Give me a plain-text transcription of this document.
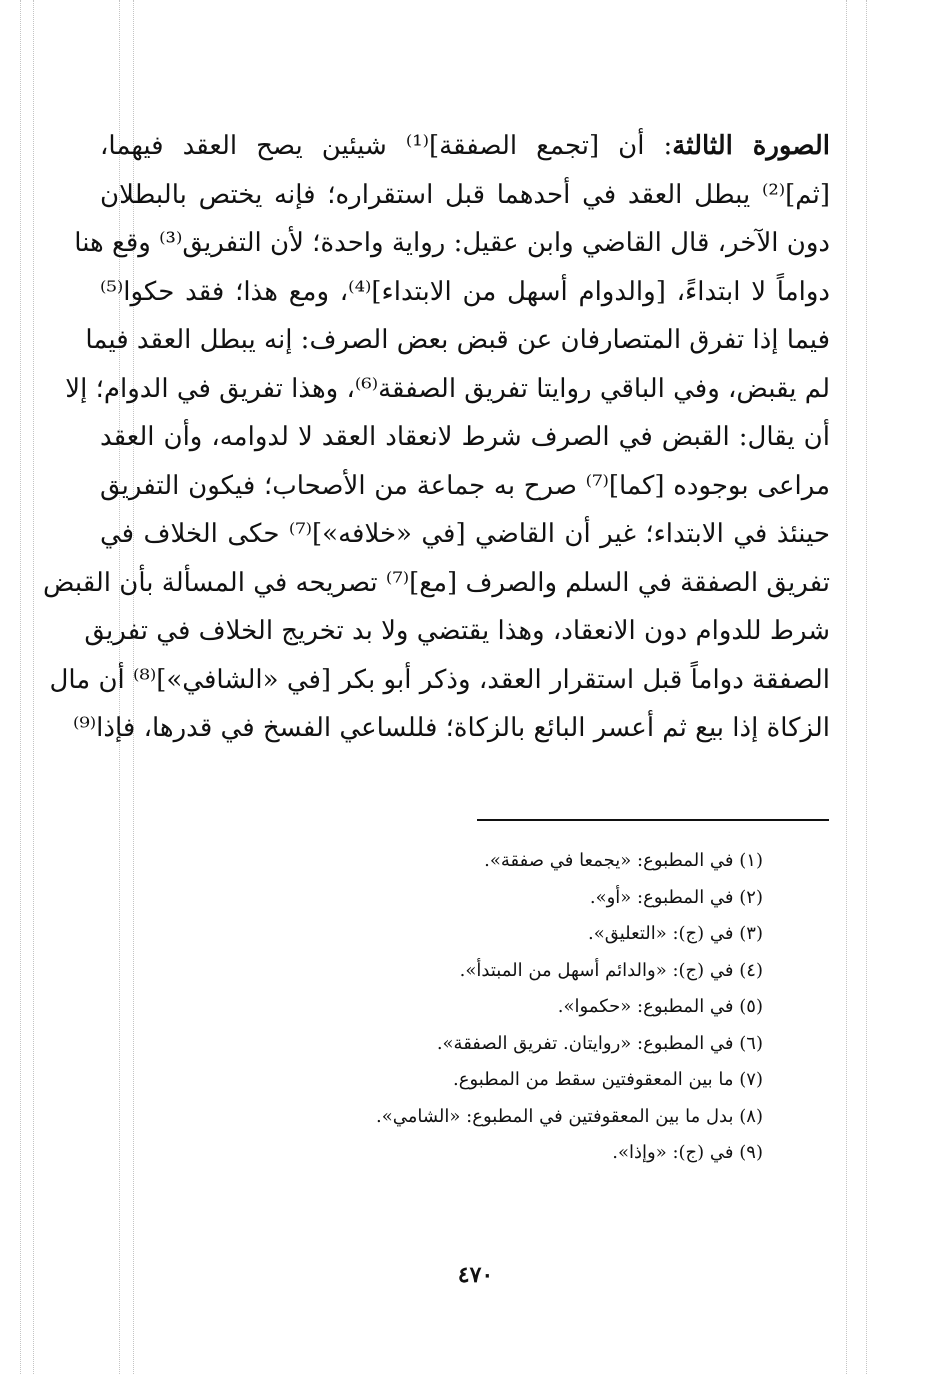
الصورة الثالثة: أن [تجمع الصفقة]⁽¹⁾ شيئين يصح العقد فيهما،
[ثم]⁽²⁾ يبطل العقد في أحدهما قبل استقراره؛ فإنه يختص بالبطلان
دون الآخر، قال القاضي وابن عقيل: رواية واحدة؛ لأن التفريق⁽³⁾ وقع هنا
دواماً لا ابتداءً، [والدوام أسهل من الابتداء]⁽⁴⁾، ومع هذا؛ فقد حكوا⁽⁵⁾
فيما إذا تفرق المتصارفان عن قبض بعض الصرف: إنه يبطل العقد فيما
لم يقبض، وفي الباقي روايتا تفريق الصفقة⁽⁶⁾، وهذا تفريق في الدوام؛ إلا
أن يقال: القبض في الصرف شرط لانعقاد العقد لا لدوامه، وأن العقد
مراعى بوجوده [كما]⁽⁷⁾ صرح به جماعة من الأصحاب؛ فيكون التفريق
حينئذ في الابتداء؛ غير أن القاضي [في «خلافه»]⁽⁷⁾ حكى الخلاف في
تفريق الصفقة في السلم والصرف [مع]⁽⁷⁾ تصريحه في المسألة بأن القبض
شرط للدوام دون الانعقاد، وهذا يقتضي ولا بد تخريج الخلاف في تفريق
الصفقة دواماً قبل استقرار العقد، وذكر أبو بكر [في «الشافي»]⁽⁸⁾ أن مال
الزكاة إذا بيع ثم أعسر البائع بالزكاة؛ فللساعي الفسخ في قدرها، فإذا⁽⁹⁾
(١) في المطبوع: «يجمعا في صفقة».
(٢) في المطبوع: «أو».
(٣) في (ج): «التعليق».
(٤) في (ج): «والدائم أسهل من المبتدأ».
(٥) في المطبوع: «حكموا».
(٦) في المطبوع: «روايتان. تفريق الصفقة».
(٧) ما بين المعقوفتين سقط من المطبوع.
(٨) بدل ما بين المعقوفتين في المطبوع: «الشامي».
(٩) في (ج): «وإذا».
٤٧٠
